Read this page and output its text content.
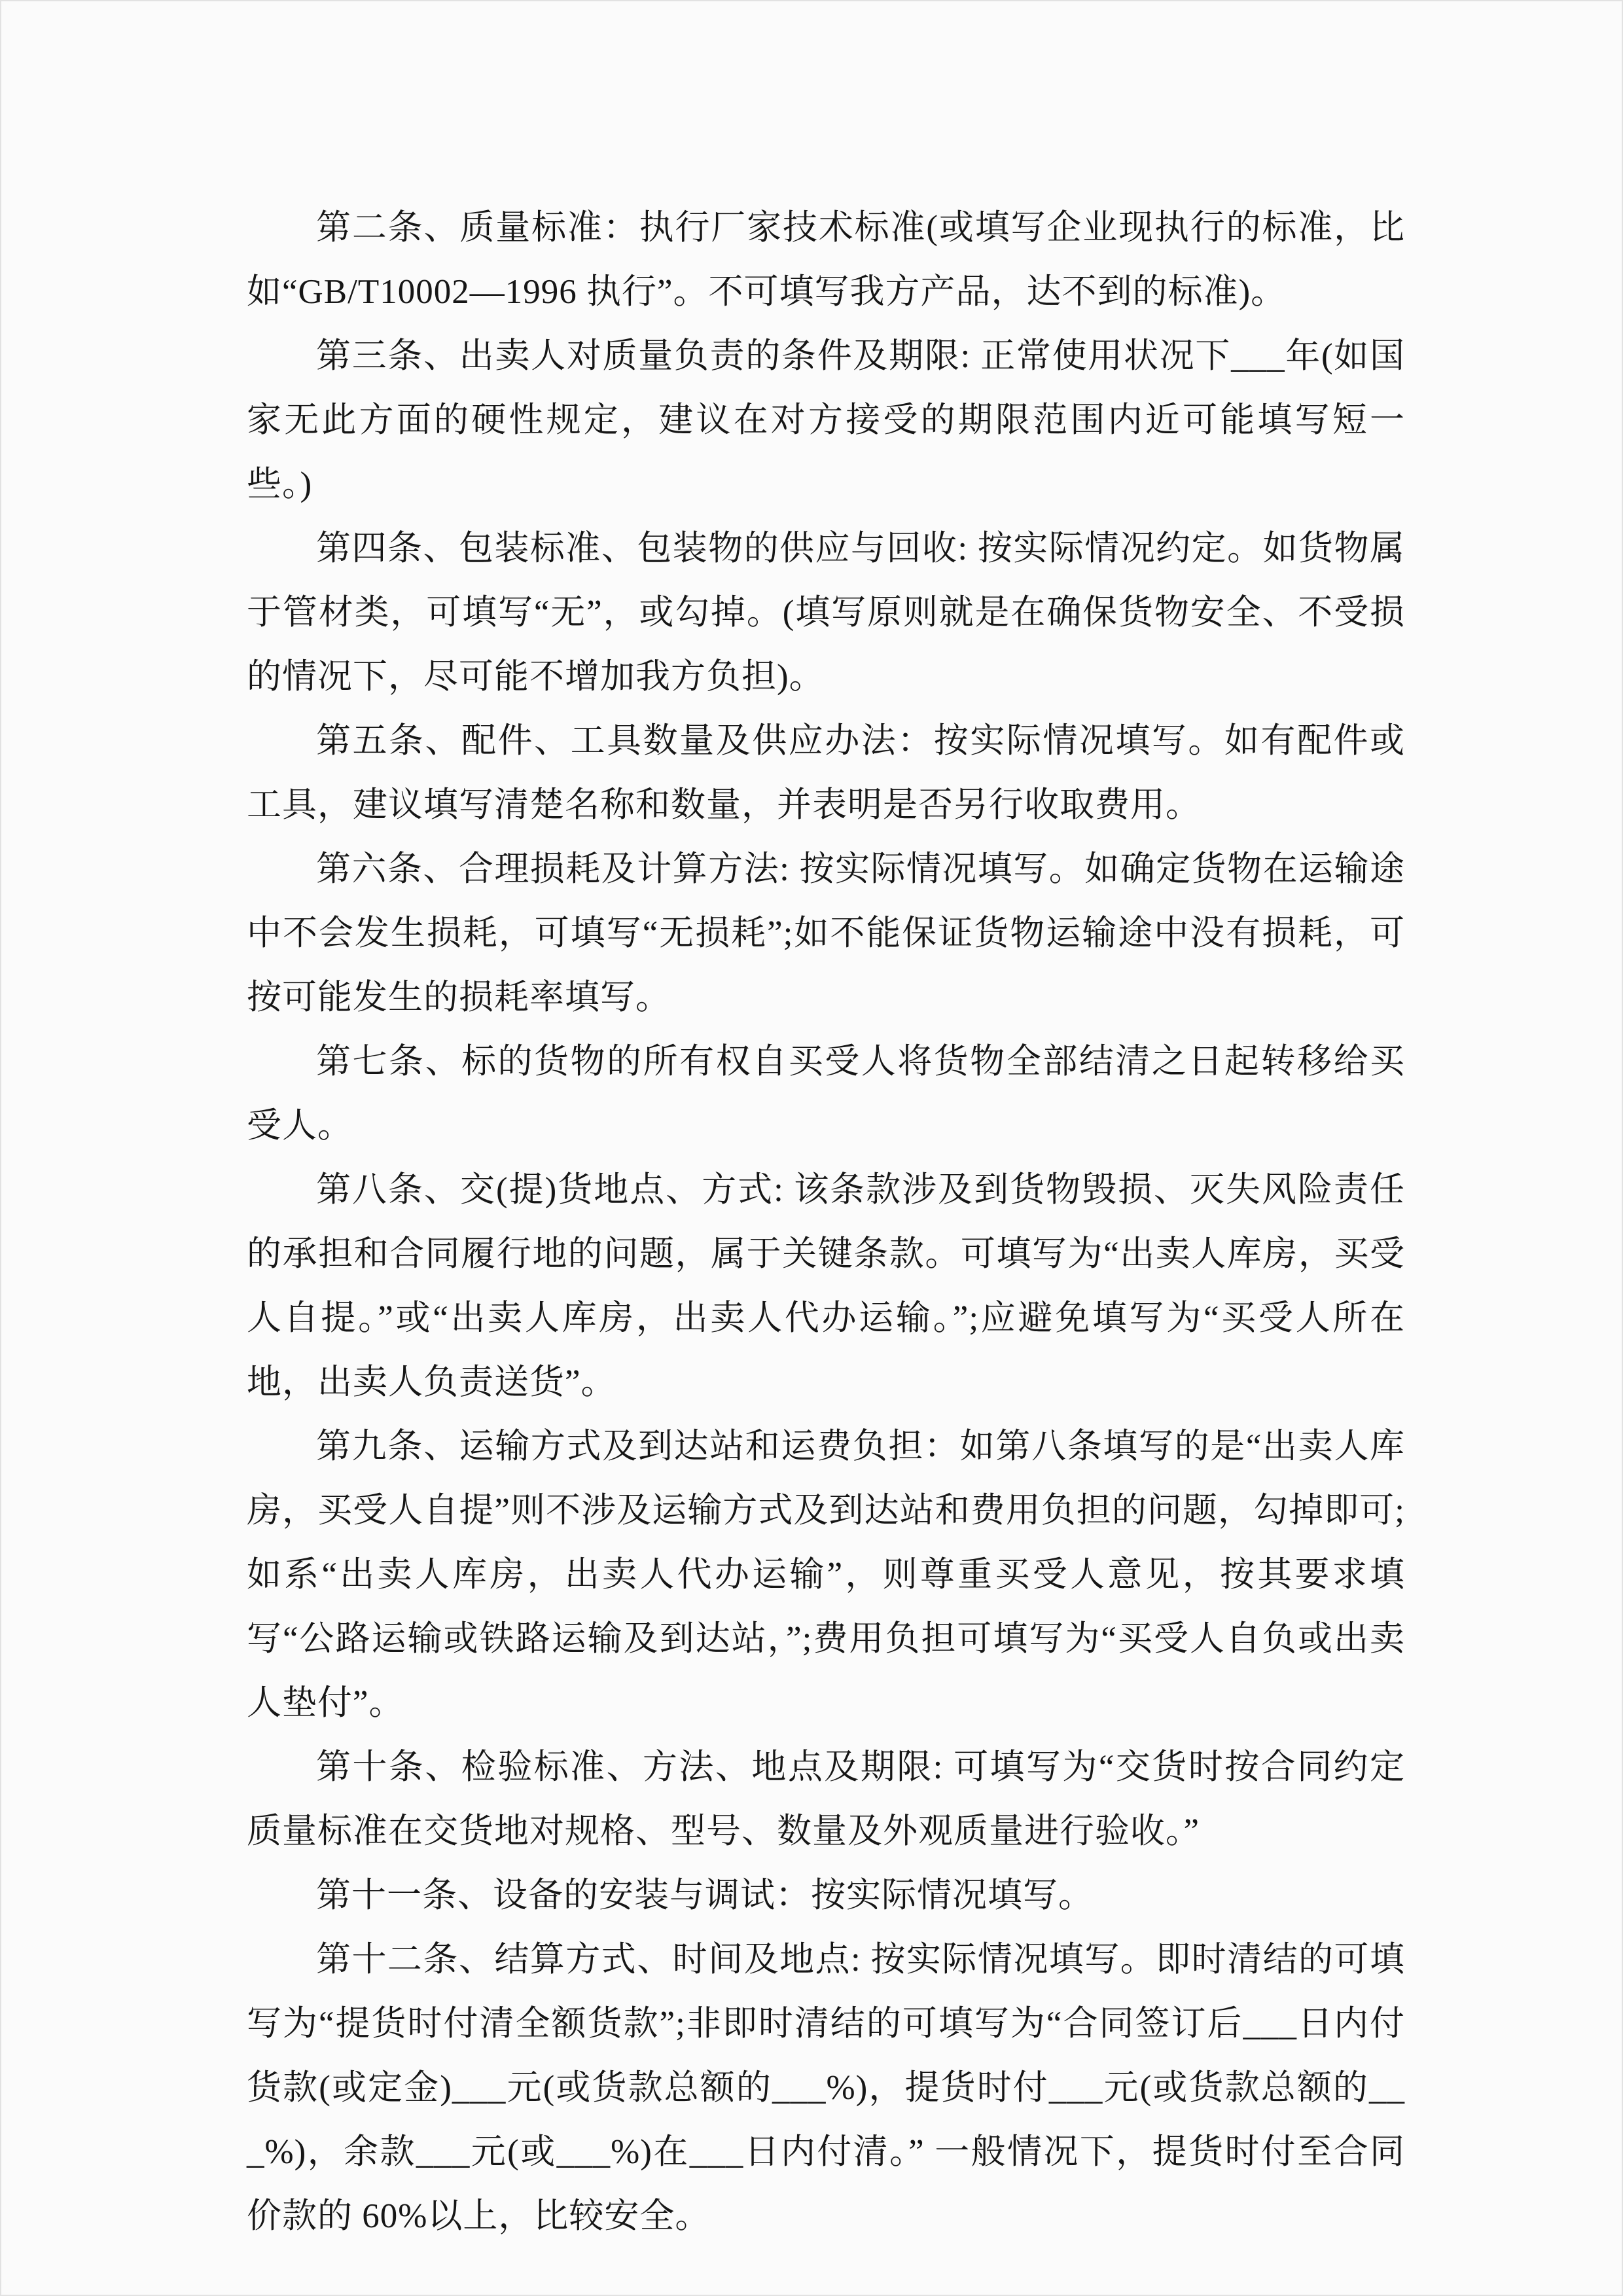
第二条、质量标准：执行厂家技术标准(或填写企业现执行的标准，比如“GB/T10002—1996 执行”。不可填写我方产品，达不到的标准)。

第三条、出卖人对质量负责的条件及期限: 正常使用状况下___年(如国家无此方面的硬性规定，建议在对方接受的期限范围内近可能填写短一些。)

第四条、包装标准、包装物的供应与回收: 按实际情况约定。如货物属于管材类，可填写“无”，或勾掉。(填写原则就是在确保货物安全、不受损的情况下，尽可能不增加我方负担)。

第五条、配件、工具数量及供应办法：按实际情况填写。如有配件或工具，建议填写清楚名称和数量，并表明是否另行收取费用。

第六条、合理损耗及计算方法: 按实际情况填写。如确定货物在运输途中不会发生损耗，可填写“无损耗”;如不能保证货物运输途中没有损耗，可按可能发生的损耗率填写。

第七条、标的货物的所有权自买受人将货物全部结清之日起转移给买受人。

第八条、交(提)货地点、方式: 该条款涉及到货物毁损、灭失风险责任的承担和合同履行地的问题，属于关键条款。可填写为“出卖人库房，买受人自提。”或“出卖人库房，出卖人代办运输。”;应避免填写为“买受人所在地，出卖人负责送货”。

第九条、运输方式及到达站和运费负担：如第八条填写的是“出卖人库房，买受人自提”则不涉及运输方式及到达站和费用负担的问题，勾掉即可;如系“出卖人库房，出卖人代办运输”，则尊重买受人意见，按其要求填写“公路运输或铁路运输及到达站，”;费用负担可填写为“买受人自负或出卖人垫付”。

第十条、检验标准、方法、地点及期限: 可填写为“交货时按合同约定质量标准在交货地对规格、型号、数量及外观质量进行验收。”

第十一条、设备的安装与调试：按实际情况填写。

第十二条、结算方式、时间及地点: 按实际情况填写。即时清结的可填写为“提货时付清全额货款”;非即时清结的可填写为“合同签订后___日内付货款(或定金)___元(或货款总额的___%)，提货时付___元(或货款总额的___%)，余款___元(或___%)在___日内付清。” 一般情况下，提货时付至合同价款的 60%以上，比较安全。
